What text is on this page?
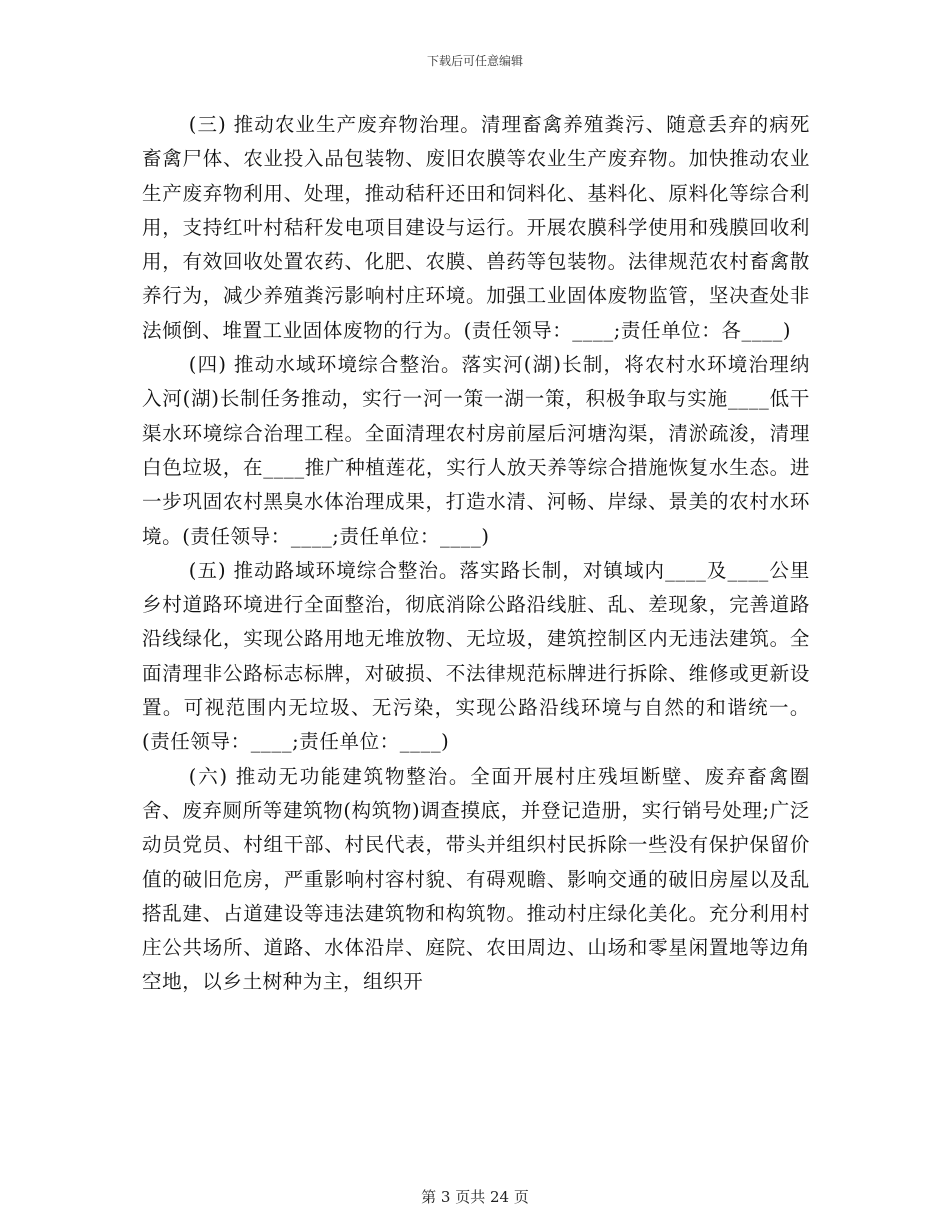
下载后可任意编辑

(三) 推动农业生产废弃物治理。清理畜禽养殖粪污、随意丢弃的病死畜禽尸体、农业投入品包装物、废旧农膜等农业生产废弃物。加快推动农业生产废弃物利用、处理，推动秸秆还田和饲料化、基料化、原料化等综合利用，支持红叶村秸秆发电项目建设与运行。开展农膜科学使用和残膜回收利用，有效回收处置农药、化肥、农膜、兽药等包装物。法律规范农村畜禽散养行为，减少养殖粪污影响村庄环境。加强工业固体废物监管，坚决查处非法倾倒、堆置工业固体废物的行为。(责任领导：____;责任单位：各____)

(四) 推动水域环境综合整治。落实河(湖)长制，将农村水环境治理纳入河(湖)长制任务推动，实行一河一策一湖一策，积极争取与实施____低干渠水环境综合治理工程。全面清理农村房前屋后河塘沟渠，清淤疏浚，清理白色垃圾，在____推广种植莲花，实行人放天养等综合措施恢复水生态。进一步巩固农村黑臭水体治理成果，打造水清、河畅、岸绿、景美的农村水环境。(责任领导：____;责任单位：____)

(五) 推动路域环境综合整治。落实路长制，对镇域内____及____公里乡村道路环境进行全面整治，彻底消除公路沿线脏、乱、差现象，完善道路沿线绿化，实现公路用地无堆放物、无垃圾，建筑控制区内无违法建筑。全面清理非公路标志标牌，对破损、不法律规范标牌进行拆除、维修或更新设置。可视范围内无垃圾、无污染，实现公路沿线环境与自然的和谐统一。(责任领导：____;责任单位：____)

(六) 推动无功能建筑物整治。全面开展村庄残垣断壁、废弃畜禽圈舍、废弃厕所等建筑物(构筑物)调查摸底，并登记造册，实行销号处理;广泛动员党员、村组干部、村民代表，带头并组织村民拆除一些没有保护保留价值的破旧危房，严重影响村容村貌、有碍观瞻、影响交通的破旧房屋以及乱搭乱建、占道建设等违法建筑物和构筑物。推动村庄绿化美化。充分利用村庄公共场所、道路、水体沿岸、庭院、农田周边、山场和零星闲置地等边角空地，以乡土树种为主，组织开

第 3 页共 24 页
